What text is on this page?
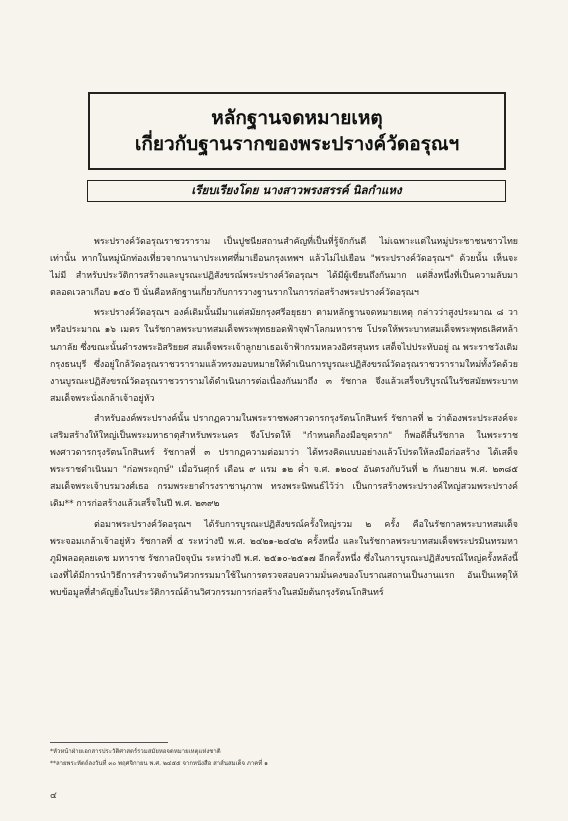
หลักฐานจดหมายเหตุ
เกี่ยวกับฐานรากของพระปรางค์วัดอรุณฯ
เรียบเรียงโดย นางสาวพรงสรรค์ นิลกำแหง

พระปรางค์วัดอรุณราชวราราม เป็นปูชนียสถานสำคัญที่เป็นที่รู้จักกันดี ไม่เฉพาะแต่ในหมู่ประชาชนชาวไทยเท่านั้น หากในหมู่นักท่องเที่ยวจากนานาประเทศที่มาเยือนกรุงเทพฯ แล้วไม่ไปเยือน "พระปรางค์วัดอรุณฯ" ด้วยนั้น เห็นจะไม่มี สำหรับประวัติการสร้างและบูรณะปฏิสังขรณ์พระปรางค์วัดอรุณฯ ได้มีผู้เขียนถึงกันมาก แต่สิ่งหนึ่งที่เป็นความลับมาตลอดเวลาเกือบ ๑๕๐ ปี นั่นคือหลักฐานเกี่ยวกับการวางฐานรากในการก่อสร้างพระปรางค์วัดอรุณฯ

พระปรางค์วัดอรุณฯ องค์เดิมนั้นมีมาแต่สมัยกรุงศรีอยุธยา ตามหลักฐานจดหมายเหตุ กล่าวว่าสูงประมาณ ๘ วา หรือประมาณ ๑๖ เมตร ในรัชกาลพระบาทสมเด็จพระพุทธยอดฟ้าจุฬาโลกมหาราช โปรดให้พระบาทสมเด็จพระพุทธเลิศหล้านภาลัย ซึ่งขณะนั้นดำรงพระอิสริยยศ สมเด็จพระเจ้าลูกยาเธอเจ้าฟ้ากรมหลวงอิศรสุนทร เสด็จไปประทับอยู่ ณ พระราชวังเดิมกรุงธนบุรี ซึ่งอยู่ใกล้วัดอรุณราชวรารามแล้วทรงมอบหมายให้ดำเนินการบูรณะปฏิสังขรณ์วัดอรุณราชวรารามใหม่ทั้งวัดด้วย งานบูรณะปฏิสังขรณ์วัดอรุณราชวรารามได้ดำเนินการต่อเนื่องกันมาถึง ๓ รัชกาล จึงแล้วเสร็จบริบูรณ์ในรัชสมัยพระบาทสมเด็จพระนั่งเกล้าเจ้าอยู่หัว

สำหรับองค์พระปรางค์นั้น ปรากฏความในพระราชพงศาวดารกรุงรัตนโกสินทร์ รัชกาลที่ ๒ ว่าต้องพระประสงค์จะเสริมสร้างให้ใหญ่เป็นพระมหาธาตุสำหรับพระนคร จึงโปรดให้ "กำหนดก็องมือขุดราก" ก็พอดีสิ้นรัชกาล ในพระราชพงศาวดารกรุงรัตนโกสินทร์ รัชกาลที่ ๓ ปรากฏความต่อมาว่า ได้ทรงคิดแบบอย่างแล้วโปรดให้ลงมือก่อสร้าง ได้เสด็จพระราชดำเนินมา "ก่อพระฤกษ์" เมื่อวันศุกร์ เดือน ๙ แรม ๑๒ ค่ำ จ.ศ. ๑๒๐๔ อันตรงกับวันที่ ๒ กันยายน พ.ศ. ๒๓๘๕ สมเด็จพระเจ้าบรมวงศ์เธอ กรมพระยาดำรงราชานุภาพ ทรงพระนิพนธ์ไว้ว่า เป็นการสร้างพระปรางค์ใหญ่สวมพระปรางค์เดิม** การก่อสร้างแล้วเสร็จในปี พ.ศ. ๒๓๙๒

ต่อมาพระปรางค์วัดอรุณฯ ได้รับการบูรณะปฏิสังขรณ์ครั้งใหญ่รวม ๒ ครั้ง คือในรัชกาลพระบาทสมเด็จพระจอมเกล้าเจ้าอยู่หัว รัชกาลที่ ๕ ระหว่างปี พ.ศ. ๒๔๒๑-๒๔๔๒ ครั้งหนึ่ง และในรัชกาลพระบาทสมเด็จพระปรมินทรมหาภูมิพลอดุลยเดช มหาราช รัชกาลปัจจุบัน ระหว่างปี พ.ศ. ๒๕๑๐-๒๕๑๗ อีกครั้งหนึ่ง ซึ่งในการบูรณะปฏิสังขรณ์ใหญ่ครั้งหลังนี้เองที่ได้มีการนำวิธีการสำรวจด้านวิศวกรรมมาใช้ในการตรวจสอบความมั่นคงของโบราณสถานเป็นงานแรก อันเป็นเหตุให้พบข้อมูลที่สำคัญยิ่งในประวัติการณ์ด้านวิศวกรรมการก่อสร้างในสมัยต้นกรุงรัตนโกสินทร์

*หัวหน้าฝ่ายเอกสารประวัติศาสตร์รวมสมัยหอจดหมายเหตุแห่งชาติ
**ลายพระหัตถ์ลงวันที่ ๓๐ พฤศจิกายน พ.ศ. ๒๔๕๕ จากหนังสือ สาส์นสมเด็จ ภาคที่ ๑
๔
